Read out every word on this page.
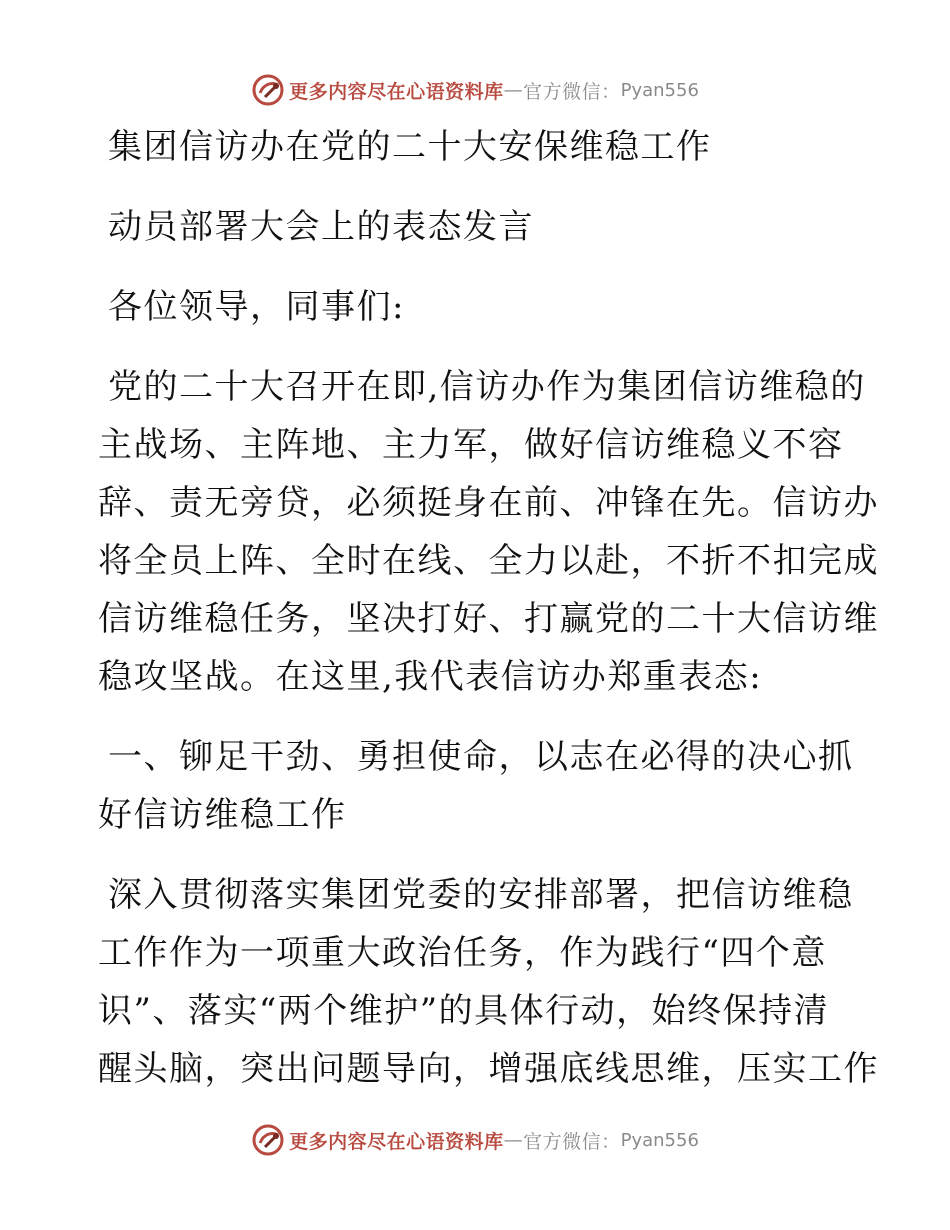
更多内容尽在心语资料库 — 官方微信： Pyan556
集团信访办在党的二十大安保维稳工作
动员部署大会上的表态发言
各位领导，同事们:
党的二十大召开在即,信访办作为集团信访维稳的
主战场、主阵地、主力军，做好信访维稳义不容
辞、责无旁贷，必须挺身在前、冲锋在先。信访办
将全员上阵、全时在线、全力以赴，不折不扣完成
信访维稳任务，坚决打好、打赢党的二十大信访维
稳攻坚战。在这里,我代表信访办郑重表态:
一、铆足干劲、勇担使命，以志在必得的决心抓
好信访维稳工作
深入贯彻落实集团党委的安排部署，把信访维稳
工作作为一项重大政治任务，作为践行“四个意
识”、落实“两个维护”的具体行动，始终保持清
醒头脑，突出问题导向，增强底线思维，压实工作
更多内容尽在心语资料库 — 官方微信： Pyan556
